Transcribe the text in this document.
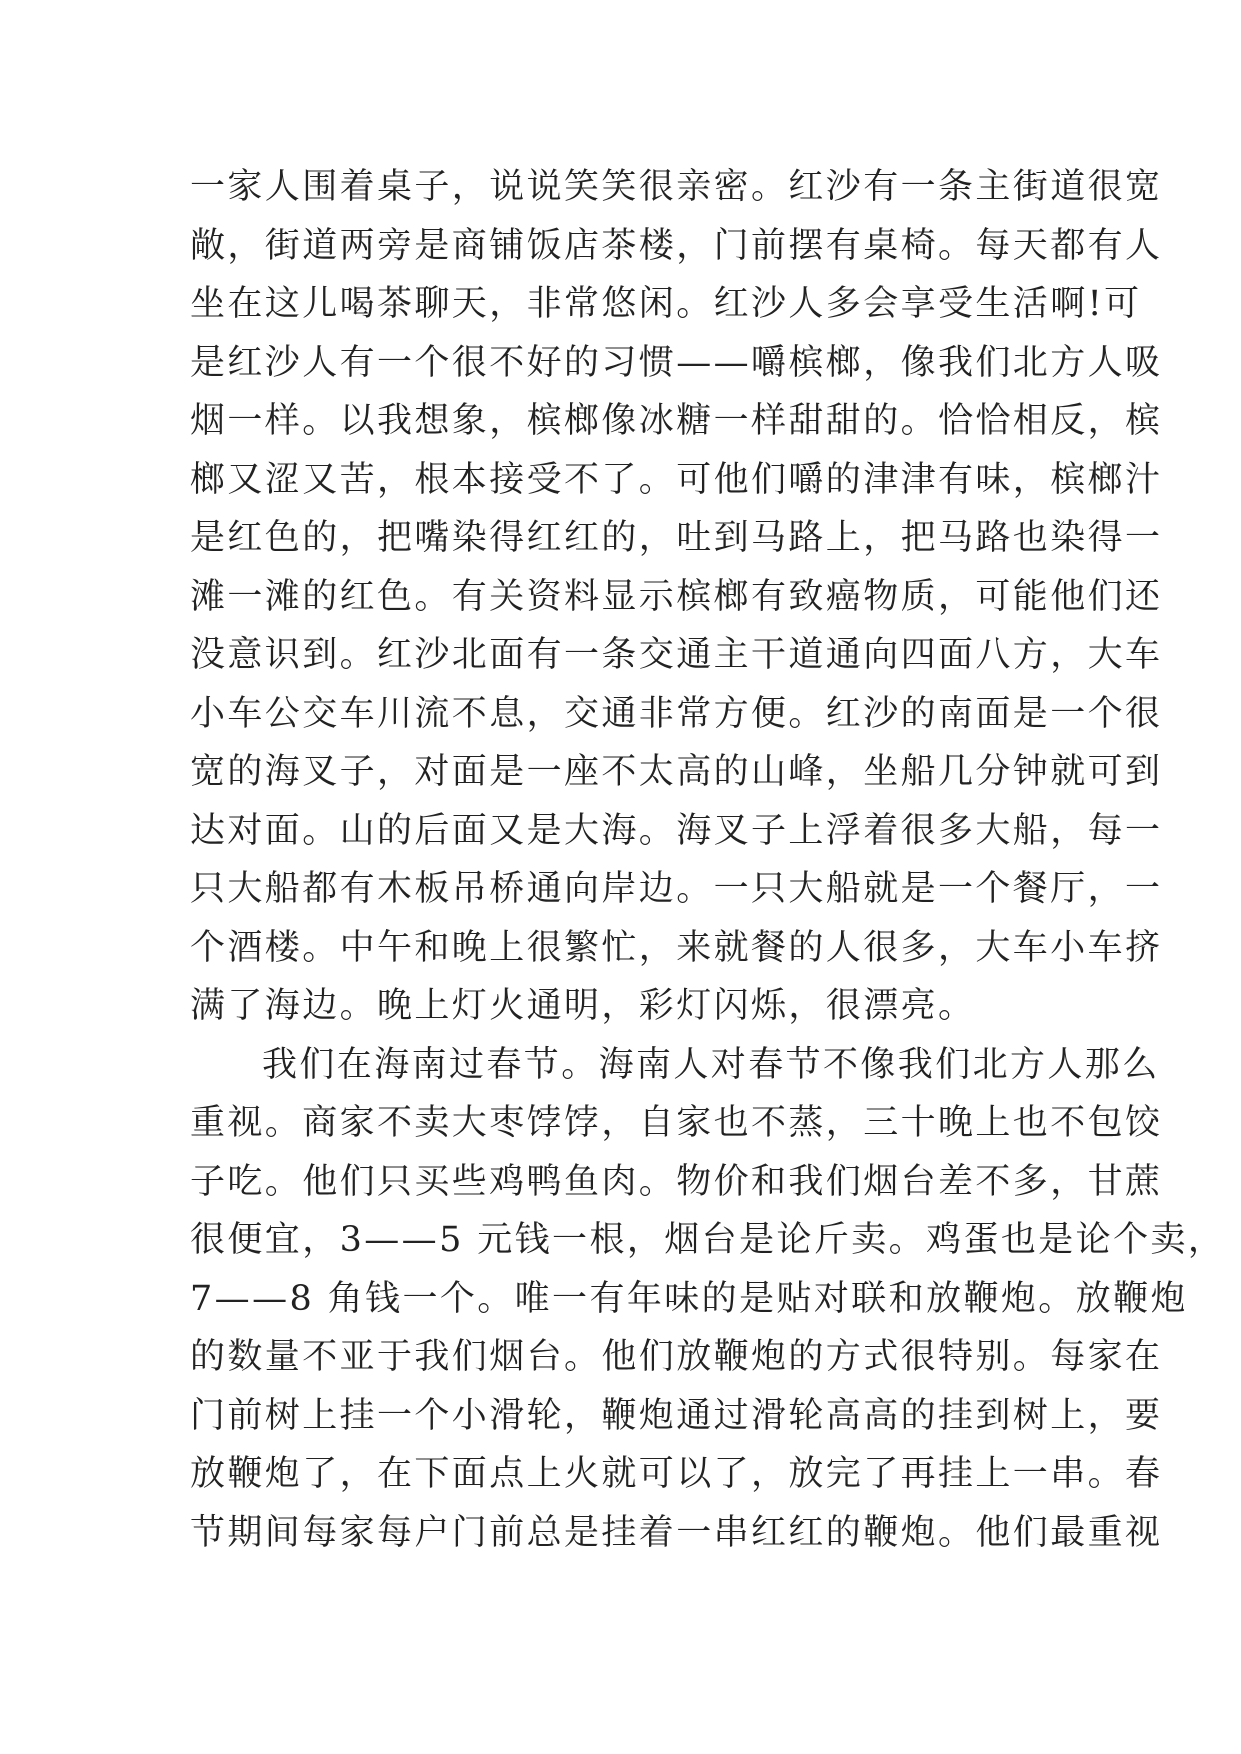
一家人围着桌子，说说笑笑很亲密。红沙有一条主街道很宽
敞，街道两旁是商铺饭店茶楼，门前摆有桌椅。每天都有人
坐在这儿喝茶聊天，非常悠闲。红沙人多会享受生活啊!可
是红沙人有一个很不好的习惯——嚼槟榔，像我们北方人吸
烟一样。以我想象，槟榔像冰糖一样甜甜的。恰恰相反，槟
榔又涩又苦，根本接受不了。可他们嚼的津津有味，槟榔汁
是红色的，把嘴染得红红的，吐到马路上，把马路也染得一
滩一滩的红色。有关资料显示槟榔有致癌物质，可能他们还
没意识到。红沙北面有一条交通主干道通向四面八方，大车
小车公交车川流不息，交通非常方便。红沙的南面是一个很
宽的海叉子，对面是一座不太高的山峰，坐船几分钟就可到
达对面。山的后面又是大海。海叉子上浮着很多大船，每一
只大船都有木板吊桥通向岸边。一只大船就是一个餐厅，一
个酒楼。中午和晚上很繁忙，来就餐的人很多，大车小车挤
满了海边。晚上灯火通明，彩灯闪烁，很漂亮。
我们在海南过春节。海南人对春节不像我们北方人那么
重视。商家不卖大枣饽饽，自家也不蒸，三十晚上也不包饺
子吃。他们只买些鸡鸭鱼肉。物价和我们烟台差不多，甘蔗
很便宜，3——5 元钱一根，烟台是论斤卖。鸡蛋也是论个卖，
7——8 角钱一个。唯一有年味的是贴对联和放鞭炮。放鞭炮
的数量不亚于我们烟台。他们放鞭炮的方式很特别。每家在
门前树上挂一个小滑轮，鞭炮通过滑轮高高的挂到树上，要
放鞭炮了，在下面点上火就可以了，放完了再挂上一串。春
节期间每家每户门前总是挂着一串红红的鞭炮。他们最重视
